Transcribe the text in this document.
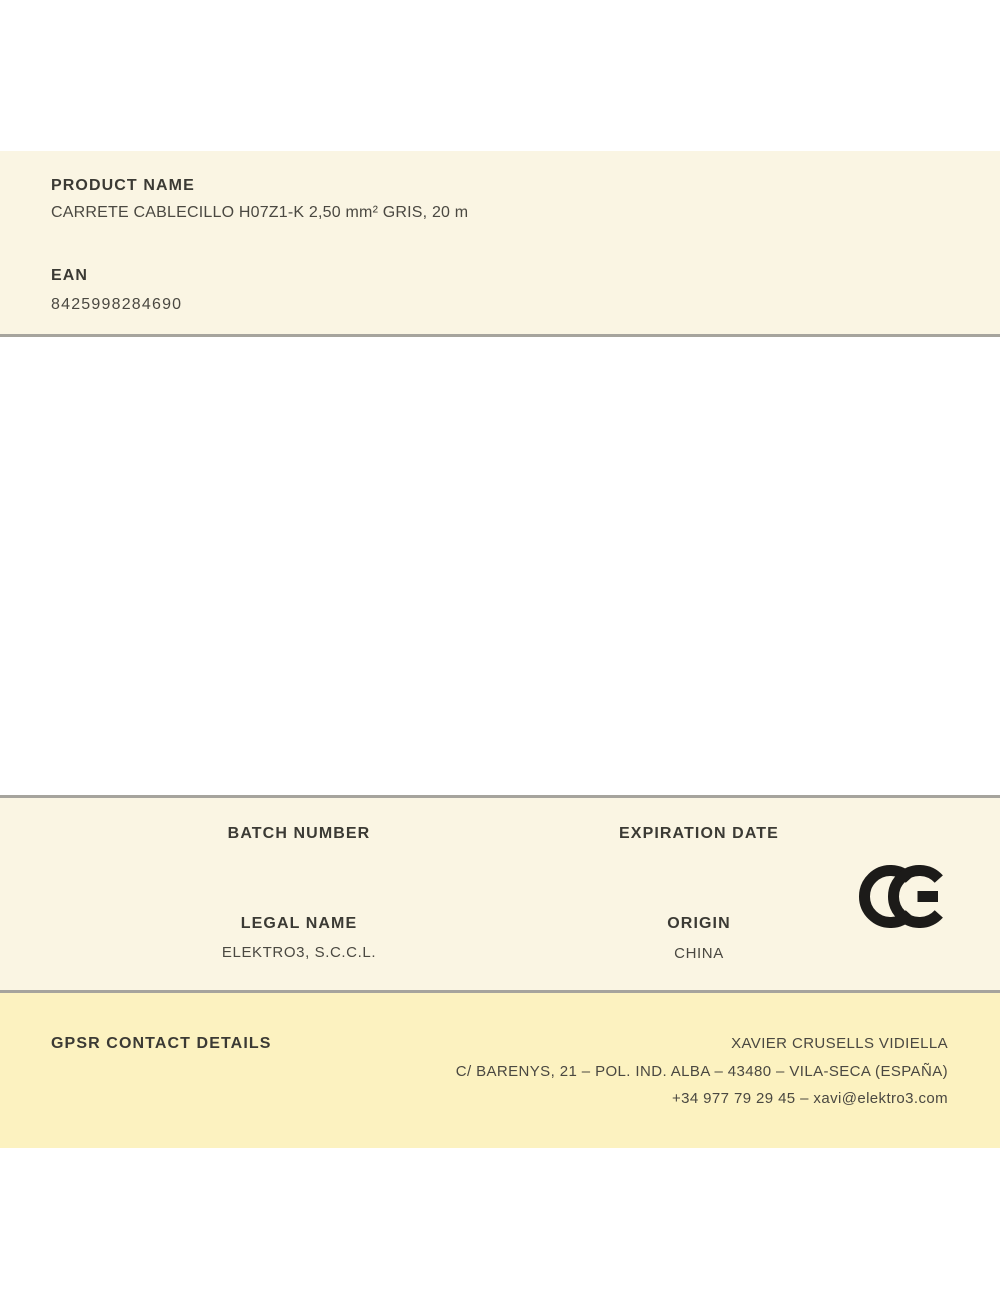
PRODUCT NAME
CARRETE CABLECILLO H07Z1-K 2,50 mm² GRIS, 20 m
EAN
8425998284690
BATCH NUMBER	EXPIRATION DATE
LEGAL NAME
ELEKTRO3, S.C.C.L.
ORIGIN
CHINA
GPSR CONTACT DETAILS	XAVIER CRUSELLS VIDIELLA
C/ BARENYS, 21 – POL. IND. ALBA – 43480 – VILA-SECA (ESPAÑA)
+34 977 79 29 45 – xavi@elektro3.com
